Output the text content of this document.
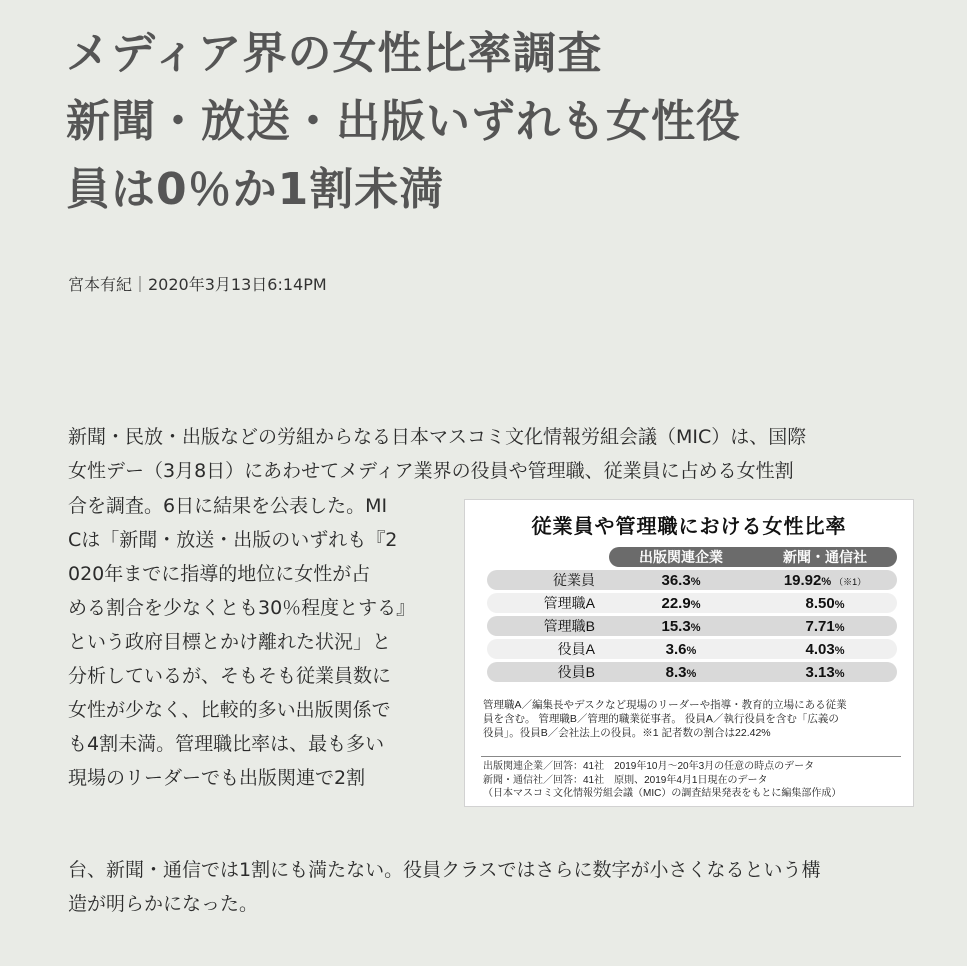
メディア界の女性比率調査
新聞・放送・出版いずれも女性役
員は0％か1割未満
宮本有紀｜2020年3月13日6:14PM
新聞・民放・出版などの労組からなる日本マスコミ文化情報労組会議（MIC）は、国際
女性デー（3月8日）にあわせてメディア業界の役員や管理職、従業員に占める女性割
合を調査。6日に結果を公表した。MI
Cは「新聞・放送・出版のいずれも『2
020年までに指導的地位に女性が占
める割合を少なくとも30％程度とする』
という政府目標とかけ離れた状況」と
分析しているが、そもそも従業員数に
女性が少なく、比較的多い出版関係で
も4割未満。管理職比率は、最も多い
現場のリーダーでも出版関連で2割
台、新聞・通信では1割にも満たない。役員クラスではさらに数字が小さくなるという構
造が明らかになった。
従業員や管理職における女性比率
	出版関連企業	新聞・通信社
従業員	36.3%	19.92% （※1）
管理職A	22.9%	8.50%
管理職B	15.3%	7.71%
役員A	3.6%	4.03%
役員B	8.3%	3.13%
管理職A／編集長やデスクなど現場のリーダーや指導・教育的立場にある従業
員を含む。 管理職B／管理的職業従事者。 役員A／執行役員を含む「広義の
役員」。役員B／会社法上の役員。※1 記者数の割合は22.42%
出版関連企業／回答：41社　2019年10月〜20年3月の任意の時点のデータ
新聞・通信社／回答：41社　原則、2019年4月1日現在のデータ
（日本マスコミ文化情報労組会議（MIC）の調査結果発表をもとに編集部作成）
